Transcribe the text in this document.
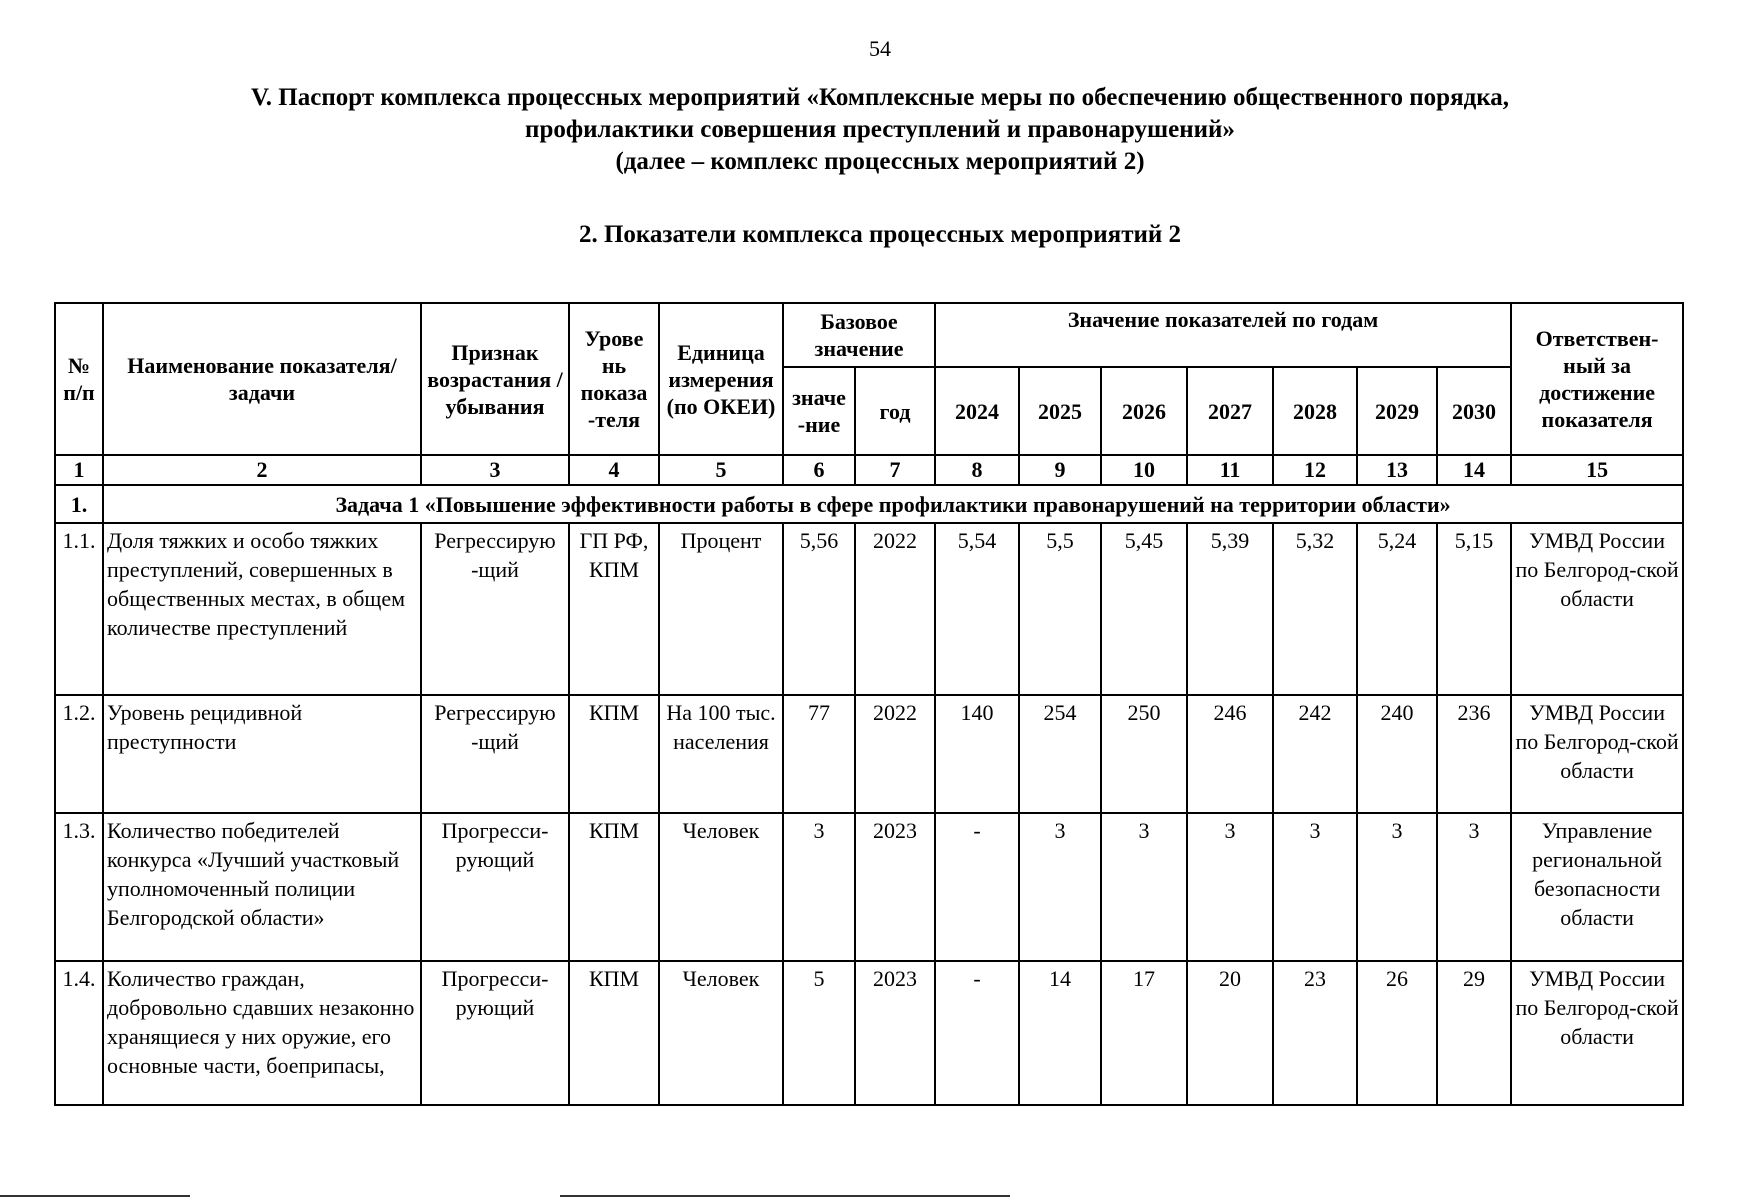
54
V. Паспорт комплекса процессных мероприятий «Комплексные меры по обеспечению общественного порядка,
профилактики совершения преступлений и правонарушений»
(далее – комплекс процессных мероприятий 2)
2. Показатели комплекса процессных мероприятий 2
№ п/п	Наименование показателя/задачи	Признак возрастания / убывания	Урове нь показа -теля	Единица измерения (по ОКЕИ)	Базовое значение		Значение показателей по годам							Ответствен-ный за достижение показателя
					значе -ние	год	2024	2025	2026	2027	2028	2029	2030	
1	2	3	4	5	6	7	8	9	10	11	12	13	14	15
1.	Задача 1 «Повышение эффективности работы в сфере профилактики правонарушений на территории области»													
1.1.	Доля тяжких и особо тяжких преступлений, совершенных в общественных местах, в общем количестве преступлений	Регрессирую -щий	ГП РФ, КПМ	Процент	5,56	2022	5,54	5,5	5,45	5,39	5,32	5,24	5,15	УМВД России по Белгород-ской области
1.2.	Уровень рецидивной преступности	Регрессирую -щий	КПМ	На 100 тыс. населения	77	2022	140	254	250	246	242	240	236	УМВД России по Белгород-ской области
1.3.	Количество победителей конкурса «Лучший участковый уполномоченный полиции Белгородской области»	Прогресси-рующий	КПМ	Человек	3	2023	-	3	3	3	3	3	3	Управление региональной безопасности области
1.4.	Количество граждан, добровольно сдавших незаконно хранящиеся у них оружие, его основные части, боеприпасы,	Прогресси-рующий	КПМ	Человек	5	2023	-	14	17	20	23	26	29	УМВД России по Белгород-ской области
